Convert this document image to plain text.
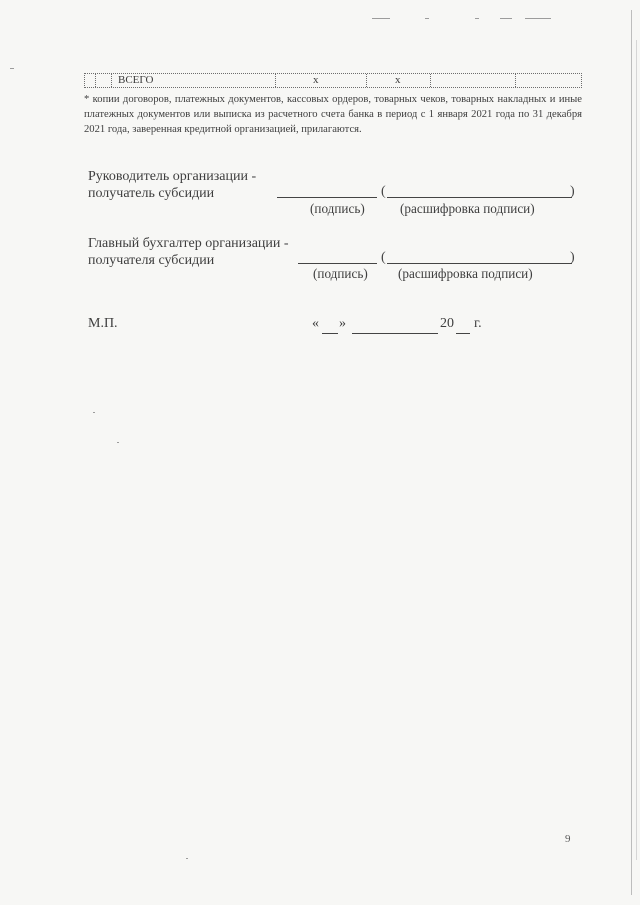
ВСЕГО	х	х
* копии договоров, платежных документов, кассовых ордеров, товарных чеков, товарных накладных и иные платежных документов или выписка из расчетного счета банка в период с 1 января 2021 года по 31 декабря 2021 года, заверенная кредитной организацией, прилагаются.
Руководитель организации -
получатель субсидии	(	)
(подпись)	(расшифровка подписи)
Главный бухгалтер организации -
получателя субсидии	(	)
(подпись) (расшифровка подписи)
М.П.	« »	20 г.
9
